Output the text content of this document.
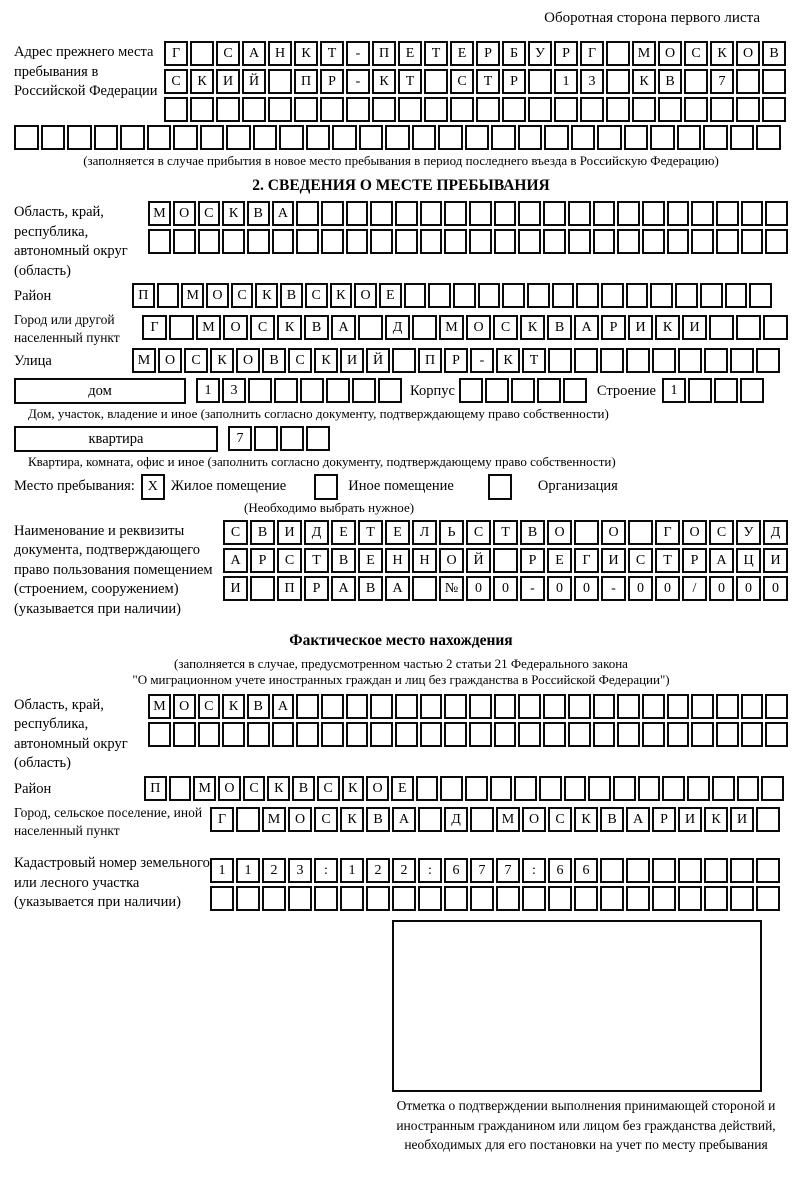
Оборотная сторона первого листа
Адрес прежнего места пребывания в Российской Федерации
Г	С	А	Н	К	Т	-	П	Е	Т	Е	Р	Б	У	Р	Г	М	О	С	К	О	В
С	К	И	Й	П	Р	-	К	Т	С	Т	Р	1	3	К	В	7
(заполняется в случае прибытия в новое место пребывания в период последнего въезда в Российскую Федерацию)
2. СВЕДЕНИЯ О МЕСТЕ ПРЕБЫВАНИЯ
Область, край, республика, автономный округ (область)
М О	С	К	В	А
Район	П	М О	С	К	В	С	К	О	Е
Город или другой населенный пункт
Г	М	О	С	К	В	А	Д	М	О	С	К	В	А	Р	И	К	И
Улица	М	О	С	К	О	В	С	К	И	Й	П	Р	-	К	Т
дом	1	3	Корпус	Строение	1
Дом, участок, владение и иное (заполнить согласно документу, подтверждающему право собственности)
квартира	7
Квартира, комната, офис и иное (заполнить согласно документу, подтверждающему право собственности)
Место пребывания: X Жилое помещение	Иное помещение	Организация
(Необходимо выбрать нужное)
Наименование и реквизиты документа, подтверждающего право пользования помещением (строением, сооружением) (указывается при наличии)
С	В	И	Д	Е	Т	Е	Л	Ь	С	Т	В	О	О	Г	О	С	У	Д
А	Р	С	Т	В	Е	Н	Н	О	Й	Р	Е	Г	И	С	Т	Р	А	Ц	И
И	П	Р	А	В	А	№	0	0	-	0	0	-	0	0	/	0	0	0
Фактическое место нахождения
(заполняется в случае, предусмотренном частью 2 статьи 21 Федерального закона
"О миграционном учете иностранных граждан и лиц без гражданства в Российской Федерации")
Область, край, республика, автономный округ (область)
М О	С	К	В	А
Район	П	М О	С	К	В	С	К	О	Е
Город, сельское поселение, иной населенный пункт
Г	М	О	С	К	В	А	Д	М	О	С	К	В	А	Р	И	К	И
Кадастровый номер земельного или лесного участка (указывается при наличии)
1	1	2	3	:	1	2	2	:	6	7	7	:	6	6
Отметка о подтверждении выполнения принимающей стороной и иностранным гражданином или лицом без гражданства действий, необходимых для его постановки на учет по месту пребывания
